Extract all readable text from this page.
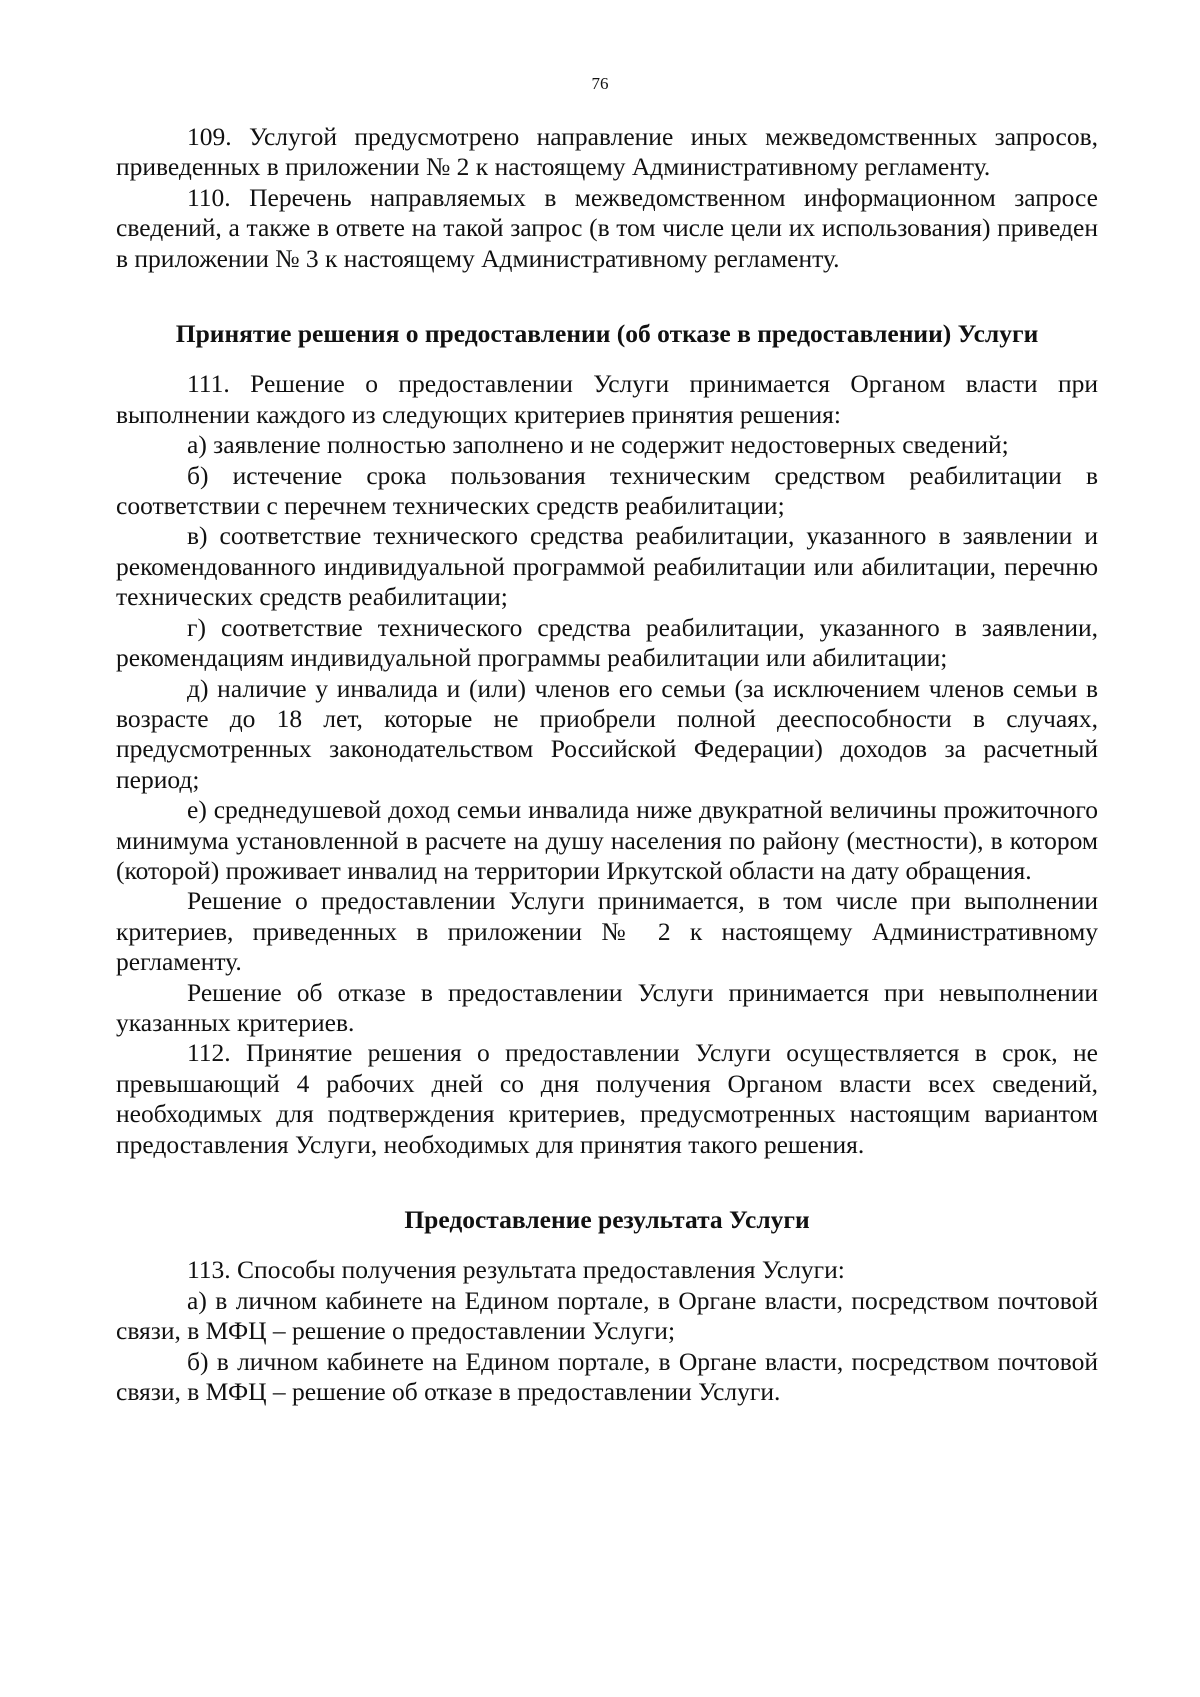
76

109. Услугой предусмотрено направление иных межведомственных запросов, приведенных в приложении № 2 к настоящему Административному регламенту.

110. Перечень направляемых в межведомственном информационном запросе сведений, а также в ответе на такой запрос (в том числе цели их использования) приведен в приложении № 3 к настоящему Административному регламенту.

Принятие решения о предоставлении (об отказе в предоставлении) Услуги

111. Решение о предоставлении Услуги принимается Органом власти при выполнении каждого из следующих критериев принятия решения:

а) заявление полностью заполнено и не содержит недостоверных сведений;

б) истечение срока пользования техническим средством реабилитации в соответствии с перечнем технических средств реабилитации;

в) соответствие технического средства реабилитации, указанного в заявлении и рекомендованного индивидуальной программой реабилитации или абилитации, перечню технических средств реабилитации;

г) соответствие технического средства реабилитации, указанного в заявлении, рекомендациям индивидуальной программы реабилитации или абилитации;

д) наличие у инвалида и (или) членов его семьи (за исключением членов семьи в возрасте до 18 лет, которые не приобрели полной дееспособности в случаях, предусмотренных законодательством Российской Федерации) доходов за расчетный период;

е) среднедушевой доход семьи инвалида ниже двукратной величины прожиточного минимума установленной в расчете на душу населения по району (местности), в котором (которой) проживает инвалид на территории Иркутской области на дату обращения.

Решение о предоставлении Услуги принимается, в том числе при выполнении критериев, приведенных в приложении № 2 к настоящему Административному регламенту.

Решение об отказе в предоставлении Услуги принимается при невыполнении указанных критериев.

112. Принятие решения о предоставлении Услуги осуществляется в срок, не превышающий 4 рабочих дней со дня получения Органом власти всех сведений, необходимых для подтверждения критериев, предусмотренных настоящим вариантом предоставления Услуги, необходимых для принятия такого решения.

Предоставление результата Услуги

113. Способы получения результата предоставления Услуги:

а) в личном кабинете на Едином портале, в Органе власти, посредством почтовой связи, в МФЦ – решение о предоставлении Услуги;

б) в личном кабинете на Едином портале, в Органе власти, посредством почтовой связи, в МФЦ – решение об отказе в предоставлении Услуги.
